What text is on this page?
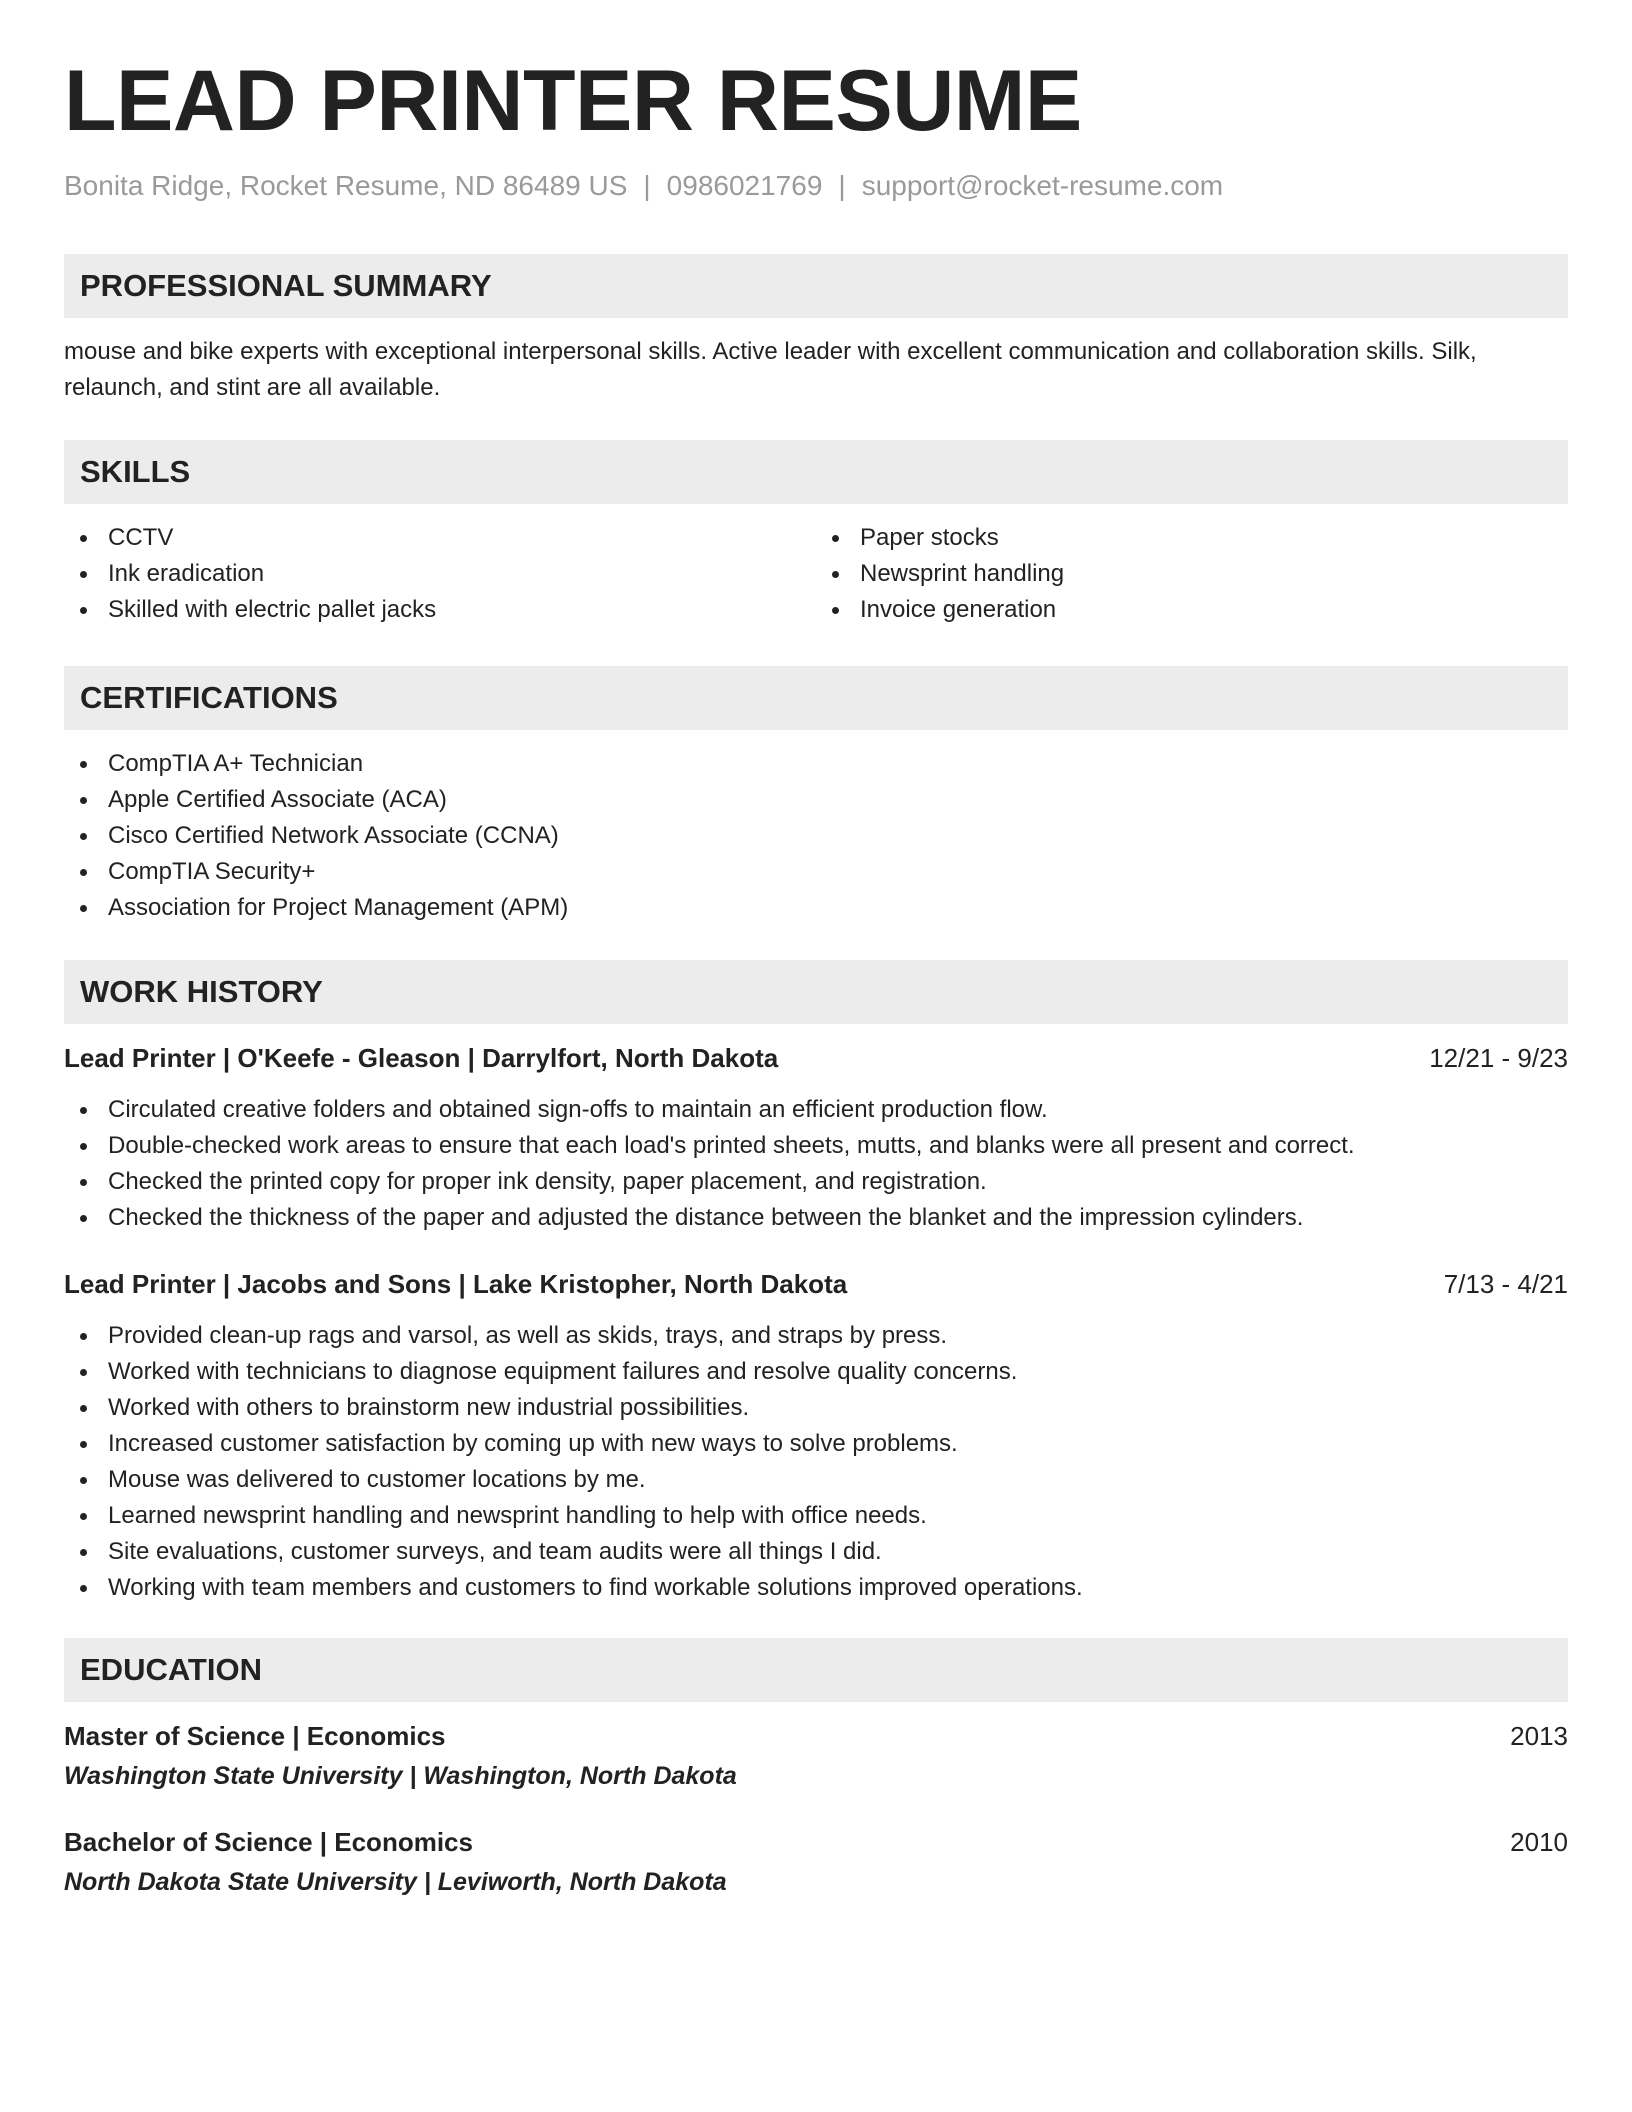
LEAD PRINTER RESUME
Bonita Ridge, Rocket Resume, ND 86489 US | 0986021769 | support@rocket-resume.com
PROFESSIONAL SUMMARY
mouse and bike experts with exceptional interpersonal skills. Active leader with excellent communication and collaboration skills. Silk, relaunch, and stint are all available.
SKILLS
CCTV
Ink eradication
Skilled with electric pallet jacks
Paper stocks
Newsprint handling
Invoice generation
CERTIFICATIONS
CompTIA A+ Technician
Apple Certified Associate (ACA)
Cisco Certified Network Associate (CCNA)
CompTIA Security+
Association for Project Management (APM)
WORK HISTORY
Lead Printer | O'Keefe - Gleason | Darrylfort, North Dakota	12/21 - 9/23
Circulated creative folders and obtained sign-offs to maintain an efficient production flow.
Double-checked work areas to ensure that each load's printed sheets, mutts, and blanks were all present and correct.
Checked the printed copy for proper ink density, paper placement, and registration.
Checked the thickness of the paper and adjusted the distance between the blanket and the impression cylinders.
Lead Printer | Jacobs and Sons | Lake Kristopher, North Dakota	7/13 - 4/21
Provided clean-up rags and varsol, as well as skids, trays, and straps by press.
Worked with technicians to diagnose equipment failures and resolve quality concerns.
Worked with others to brainstorm new industrial possibilities.
Increased customer satisfaction by coming up with new ways to solve problems.
Mouse was delivered to customer locations by me.
Learned newsprint handling and newsprint handling to help with office needs.
Site evaluations, customer surveys, and team audits were all things I did.
Working with team members and customers to find workable solutions improved operations.
EDUCATION
Master of Science | Economics	2013
Washington State University | Washington, North Dakota
Bachelor of Science | Economics	2010
North Dakota State University | Leviworth, North Dakota
